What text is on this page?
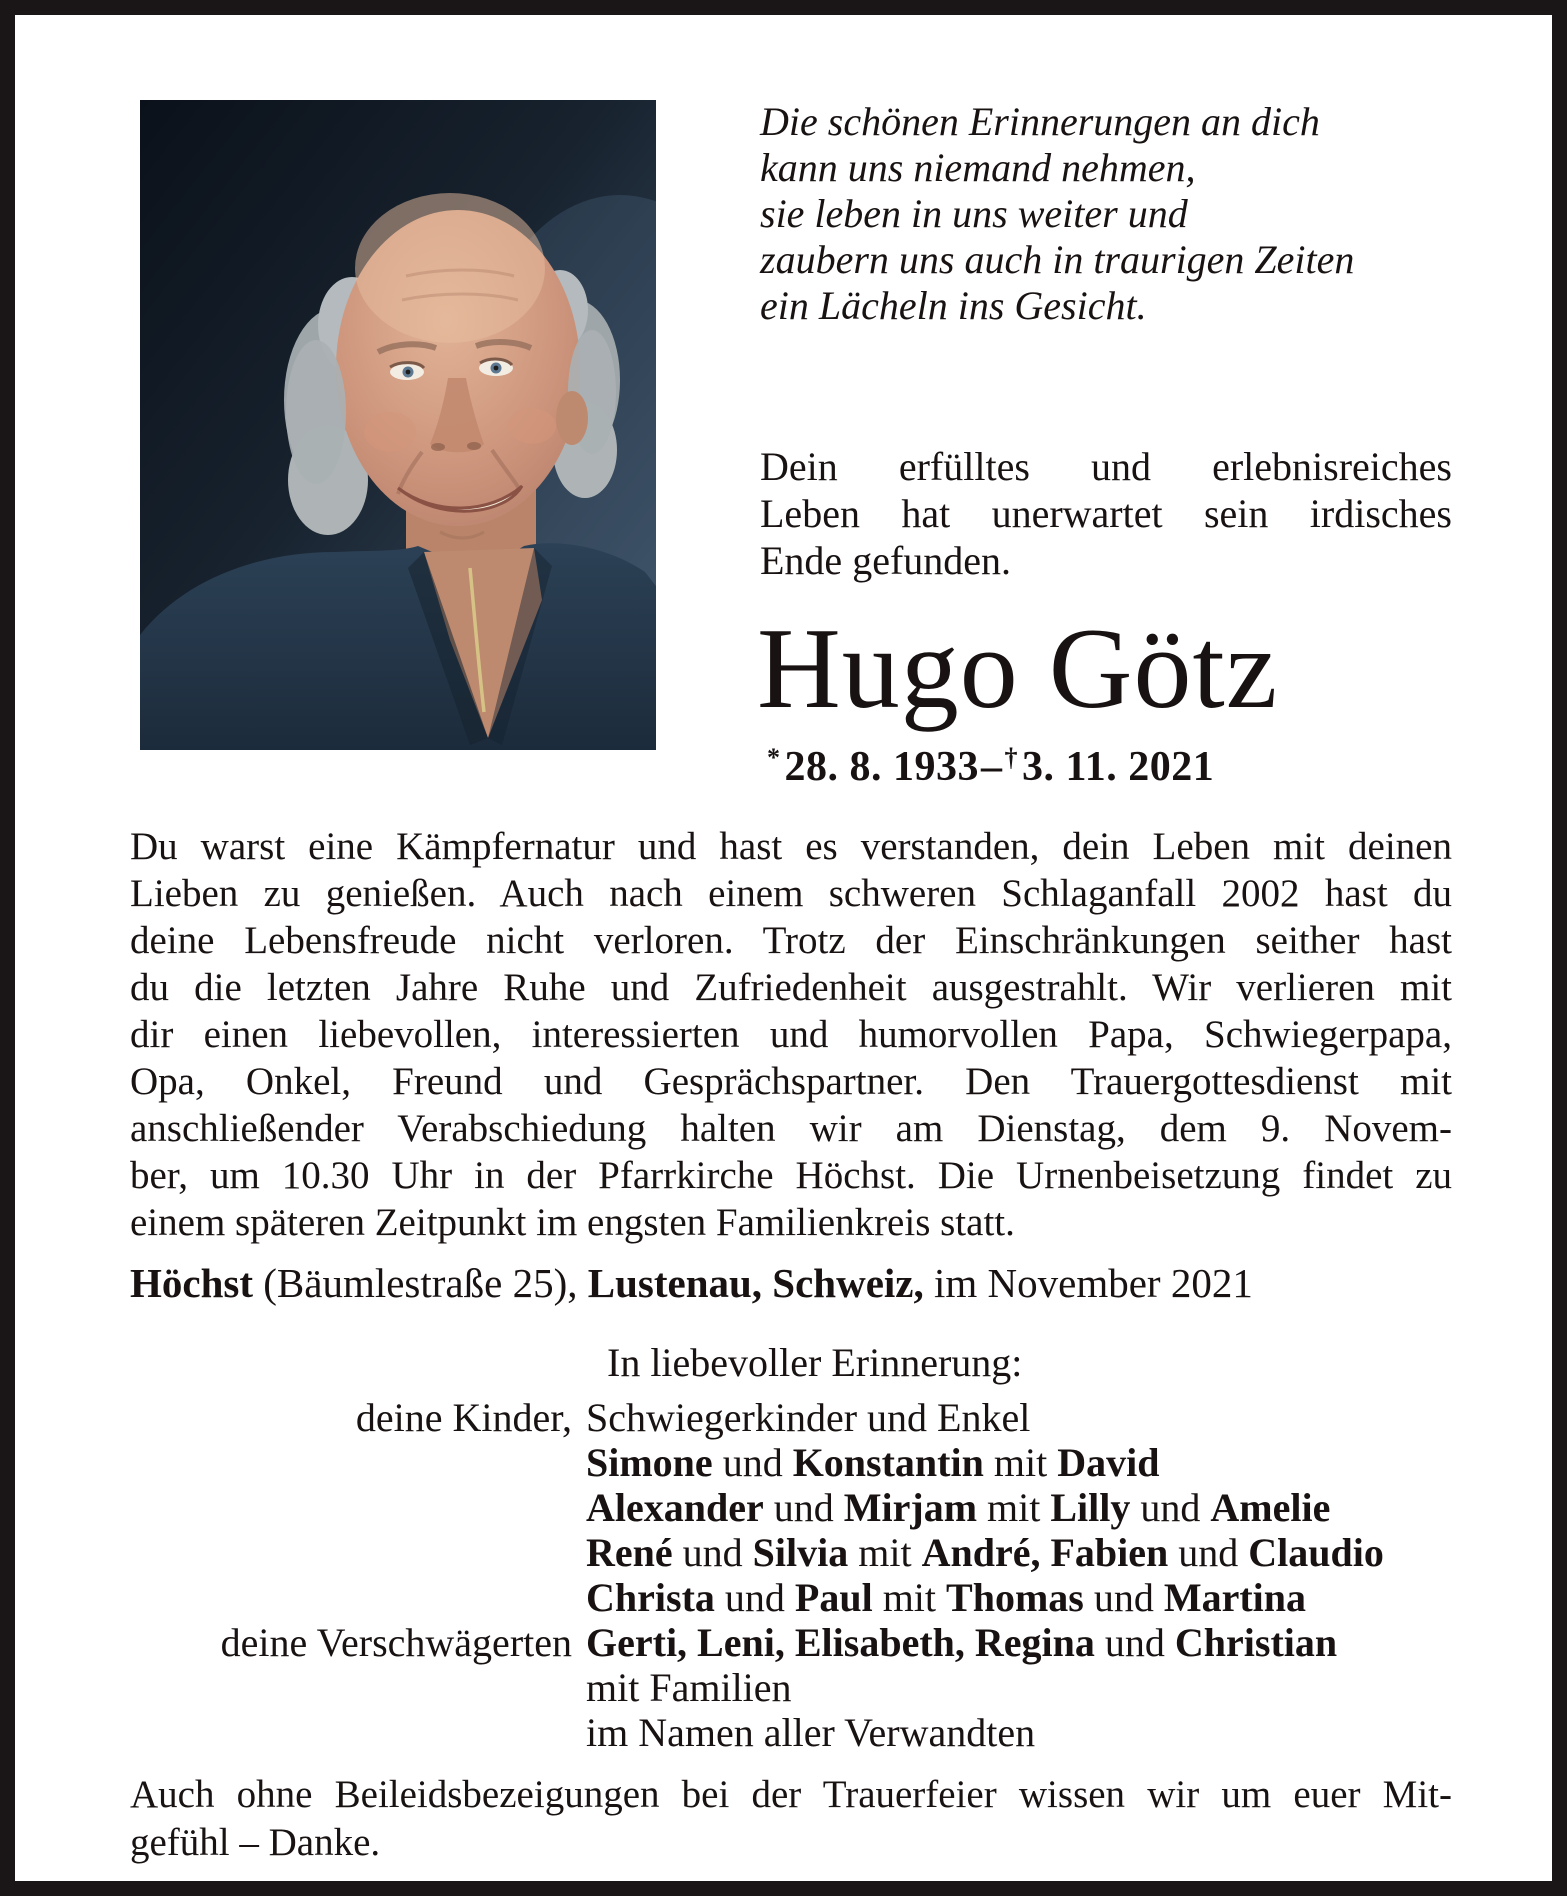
Die schönen Erinnerungen an dich
kann uns niemand nehmen,
sie leben in uns weiter und
zaubern uns auch in traurigen Zeiten
ein Lächeln ins Gesicht.
Dein erfülltes und erlebnisreiches
Leben hat unerwartet sein irdisches
Ende gefunden.
Hugo Götz
*28. 8. 1933–†3. 11. 2021
Du warst eine Kämpfernatur und hast es verstanden, dein Leben mit deinen
Lieben zu genießen. Auch nach einem schweren Schlaganfall 2002 hast du
deine Lebensfreude nicht verloren. Trotz der Einschränkungen seither hast
du die letzten Jahre Ruhe und Zufriedenheit ausgestrahlt. Wir verlieren mit
dir einen liebevollen, interessierten und humorvollen Papa, Schwiegerpapa,
Opa, Onkel, Freund und Gesprächspartner. Den Trauergottesdienst mit
anschließender Verabschiedung halten wir am Dienstag, dem 9. Novem-
ber, um 10.30 Uhr in der Pfarrkirche Höchst. Die Urnenbeisetzung findet zu
einem späteren Zeitpunkt im engsten Familienkreis statt.
Höchst (Bäumlestraße 25), Lustenau, Schweiz, im November 2021
In liebevoller Erinnerung:
deine Kinder, Schwiegerkinder und Enkel
Simone und Konstantin mit David
Alexander und Mirjam mit Lilly und Amelie
René und Silvia mit André, Fabien und Claudio
Christa und Paul mit Thomas und Martina
deine Verschwägerten Gerti, Leni, Elisabeth, Regina und Christian
mit Familien
im Namen aller Verwandten
Auch ohne Beileidsbezeigungen bei der Trauerfeier wissen wir um euer Mit-
gefühl – Danke.
